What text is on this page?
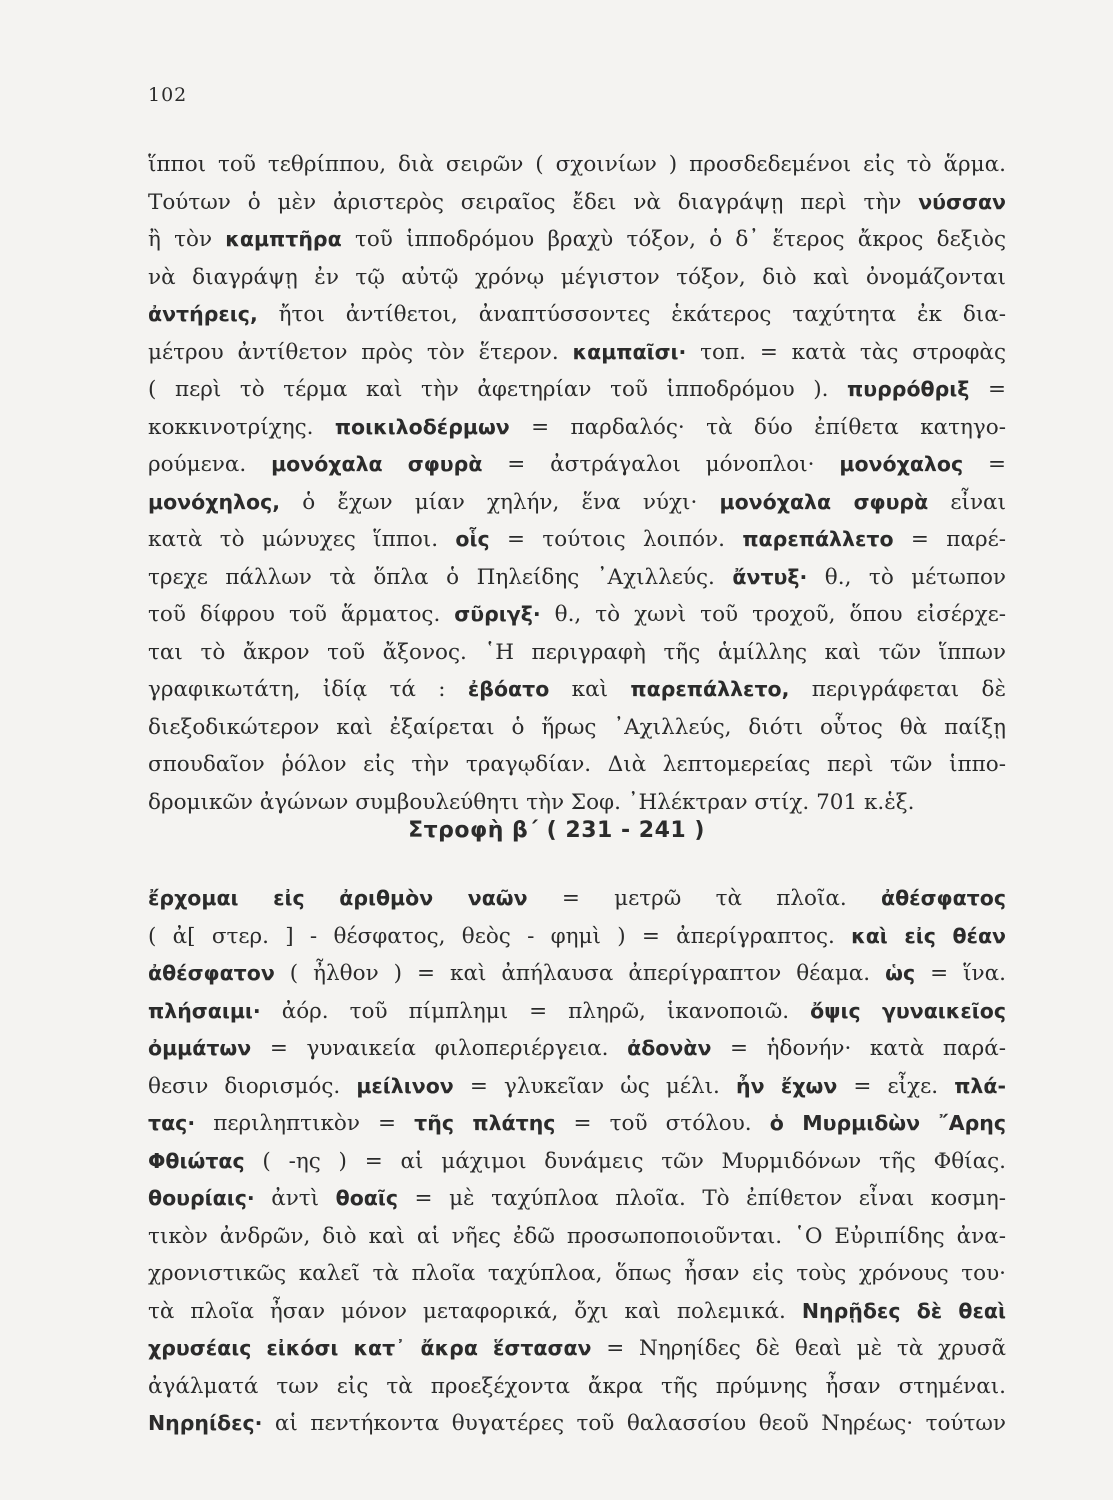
102
ἵπποι τοῦ τεθρίππου, διὰ σειρῶν ( σχοινίων ) προσδεδεμένοι εἰς τὸ ἅρμα.
Τούτων ὁ μὲν ἀριστερὸς σειραῖος ἔδει νὰ διαγράψῃ περὶ τὴν νύσσαν
ἢ τὸν καμπτῆρα τοῦ ἱπποδρόμου βραχὺ τόξον, ὁ δ᾽ ἕτερος ἄκρος δεξιὸς
νὰ διαγράψῃ ἐν τῷ αὐτῷ χρόνῳ μέγιστον τόξον, διὸ καὶ ὀνομάζονται
ἀντήρεις, ἤτοι ἀντίθετοι, ἀναπτύσσοντες ἑκάτερος ταχύτητα ἐκ δια-
μέτρου ἀντίθετον πρὸς τὸν ἕτερον. καμπαῖσι· τοπ. = κατὰ τὰς στροφὰς
( περὶ τὸ τέρμα καὶ τὴν ἀφετηρίαν τοῦ ἱπποδρόμου ). πυρρόθριξ =
κοκκινοτρίχης. ποικιλοδέρμων = παρδαλός· τὰ δύο ἐπίθετα κατηγο-
ρούμενα. μονόχαλα σφυρὰ = ἀστράγαλοι μόνοπλοι· μονόχαλος =
μονόχηλος, ὁ ἔχων μίαν χηλήν, ἕνα νύχι· μονόχαλα σφυρὰ εἶναι
κατὰ τὸ μώνυχες ἵπποι. οἷς = τούτοις λοιπόν. παρεπάλλετο = παρέ-
τρεχε πάλλων τὰ ὅπλα ὁ Πηλείδης ᾿Αχιλλεύς. ἄντυξ· θ., τὸ μέτωπον
τοῦ δίφρου τοῦ ἅρματος. σῦριγξ· θ., τὸ χωνὶ τοῦ τροχοῦ, ὅπου εἰσέρχε-
ται τὸ ἄκρον τοῦ ἄξονος. ῾Η περιγραφὴ τῆς ἁμίλλης καὶ τῶν ἵππων
γραφικωτάτη, ἰδίᾳ τά : ἐβόατο καὶ παρεπάλλετο, περιγράφεται δὲ
διεξοδικώτερον καὶ ἐξαίρεται ὁ ἥρως ᾿Αχιλλεύς, διότι οὗτος θὰ παίξῃ
σπουδαῖον ῥόλον εἰς τὴν τραγῳδίαν. Διὰ λεπτομερείας περὶ τῶν ἱππο-
δρομικῶν ἀγώνων συμβουλεύθητι τὴν Σοφ. ᾿Ηλέκτραν στίχ. 701 κ.ἑξ.
Στροφὴ β΄ ( 231 - 241 )
ἔρχομαι εἰς ἀριθμὸν ναῶν = μετρῶ τὰ πλοῖα. ἀθέσφατος
( ἀ[ στερ. ] - θέσφατος, θεὸς - φημὶ ) = ἀπερίγραπτος. καὶ εἰς θέαν
ἀθέσφατον ( ἦλθον ) = καὶ ἀπήλαυσα ἀπερίγραπτον θέαμα. ὡς = ἵνα.
πλήσαιμι· ἀόρ. τοῦ πίμπλημι = πληρῶ, ἱκανοποιῶ. ὄψις γυναικεῖος
ὀμμάτων = γυναικεία φιλοπεριέργεια. ἀδονὰν = ἡδονήν· κατὰ παρά-
θεσιν διορισμός. μείλινον = γλυκεῖαν ὡς μέλι. ἦν ἔχων = εἶχε. πλά-
τας· περιληπτικὸν = τῆς πλάτης = τοῦ στόλου. ὁ Μυρμιδὼν ῎Αρης
Φθιώτας ( -ης ) = αἱ μάχιμοι δυνάμεις τῶν Μυρμιδόνων τῆς Φθίας.
θουρίαις· ἀντὶ θοαῖς = μὲ ταχύπλοα πλοῖα. Τὸ ἐπίθετον εἶναι κοσμη-
τικὸν ἀνδρῶν, διὸ καὶ αἱ νῆες ἐδῶ προσωποποιοῦνται. ῾Ο Εὐριπίδης ἀνα-
χρονιστικῶς καλεῖ τὰ πλοῖα ταχύπλοα, ὅπως ἦσαν εἰς τοὺς χρόνους του·
τὰ πλοῖα ἦσαν μόνον μεταφορικά, ὄχι καὶ πολεμικά. Νηρῇδες δὲ θεαὶ
χρυσέαις εἰκόσι κατ᾽ ἄκρα ἕστασαν = Νηρηίδες δὲ θεαὶ μὲ τὰ χρυσᾶ
ἀγάλματά των εἰς τὰ προεξέχοντα ἄκρα τῆς πρύμνης ἦσαν στημέναι.
Νηρηίδες· αἱ πεντήκοντα θυγατέρες τοῦ θαλασσίου θεοῦ Νηρέως· τούτων
